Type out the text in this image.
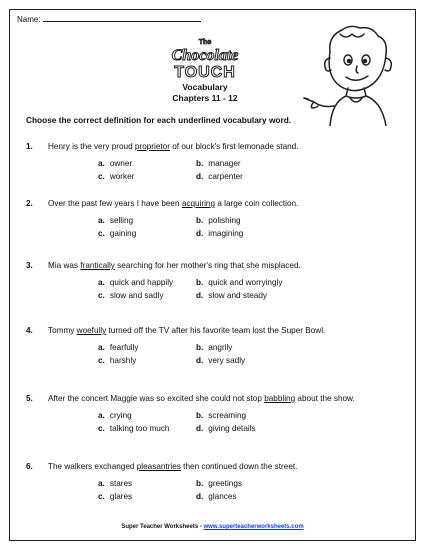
Name:
The
Chocolate
TOUCH
Vocabulary
Chapters 11 - 12
Choose the correct definition for each underlined vocabulary word.
1.	Henry is the very proud proprietor of our block's first lemonade stand.
a. owner	b. manager
c. worker	d. carpenter
2.	Over the past few years I have been acquiring a large coin collection.
a. selling	b. polishing
c. gaining	d. imagining
3.	Mia was frantically searching for her mother's ring that she misplaced.
a. quick and happily	b. quick and worryingly
c. slow and sadly	d. slow and steady
4.	Tommy woefully turned off the TV after his favorite team lost the Super Bowl.
a. fearfully	b. angrily
c. harshly	d. very sadly
5.	After the concert Maggie was so excited she could not stop babbling about the show.
a. crying	b. screaming
c. talking too much	d. giving details
6.	The walkers exchanged pleasantries then continued down the street.
a. stares	b. greetings
c. glares	d. glances
Super Teacher Worksheets - www.superteacherworksheets.com
